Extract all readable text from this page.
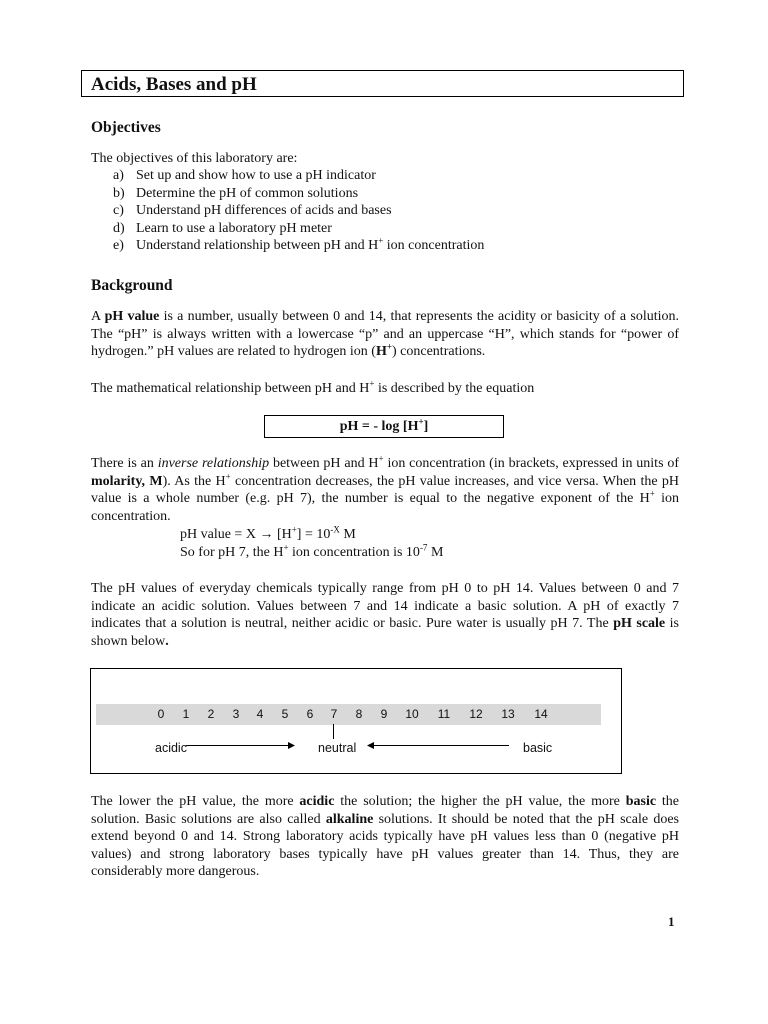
Acids, Bases and pH
Objectives
The objectives of this laboratory are:
a) Set up and show how to use a pH indicator
b) Determine the pH of common solutions
c) Understand pH differences of acids and bases
d) Learn to use a laboratory pH meter
e) Understand relationship between pH and H+ ion concentration
Background
A pH value is a number, usually between 0 and 14, that represents the acidity or basicity of a solution. The “pH” is always written with a lowercase “p” and an uppercase “H”, which stands for “power of hydrogen.” pH values are related to hydrogen ion (H+) concentrations.
The mathematical relationship between pH and H+ is described by the equation
pH = - log [H+]
There is an inverse relationship between pH and H+ ion concentration (in brackets, expressed in units of molarity, M). As the H+ concentration decreases, the pH value increases, and vice versa. When the pH value is a whole number (e.g. pH 7), the number is equal to the negative exponent of the H+ ion concentration.
pH value = $X \to [H^+] = 10^{-X}$ M
So for pH 7, the H+ ion concentration is $10^{-7}$ M
The pH values of everyday chemicals typically range from pH 0 to pH 14. Values between 0 and 7 indicate an acidic solution. Values between 7 and 14 indicate a basic solution. A pH of exactly 7 indicates that a solution is neutral, neither acidic or basic. Pure water is usually pH 7. The pH scale is shown below.
0	1	2	3	4	5	6	7	8	9	10	11	12 13 14
acidic	neutral	basic
The lower the pH value, the more acidic the solution; the higher the pH value, the more basic the solution. Basic solutions are also called alkaline solutions. It should be noted that the pH scale does extend beyond 0 and 14. Strong laboratory acids typically have pH values less than 0 (negative pH values) and strong laboratory bases typically have pH values greater than 14. Thus, they are considerably more dangerous.
1
